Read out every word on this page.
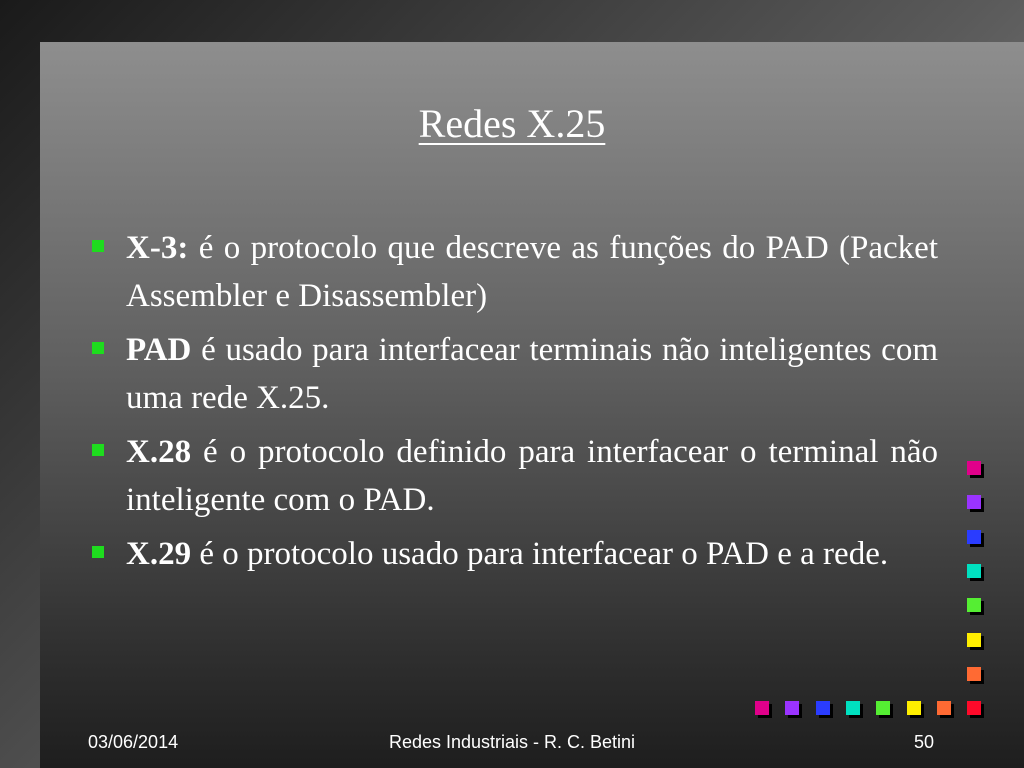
Redes X.25

X-3: é o protocolo que descreve as funções do PAD (Packet Assembler e Disassembler)

PAD é usado para interfacear terminais não inteligentes com uma rede X.25.

X.28 é o protocolo definido para interfacear o terminal não inteligente com o PAD.

X.29 é o protocolo usado para interfacear o PAD e a rede.

03/06/2014	Redes Industriais - R. C. Betini	50
